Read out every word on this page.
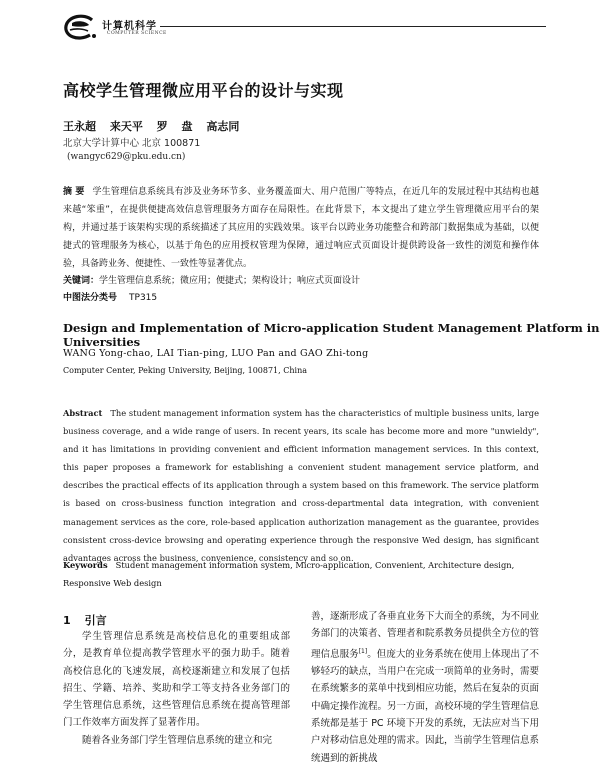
计算机科学
COMPUTER SCIENCE
高校学生管理微应用平台的设计与实现
王永超 来天平 罗 盘 高志同
北京大学计算中心 北京 100871
(wangyc629@pku.edu.cn)
摘 要 学生管理信息系统具有涉及业务环节多、业务覆盖面大、用户范围广等特点，在近几年的发展过程中其结构也越来越“笨重”，在提供便捷高效信息管理服务方面存在局限性。在此背景下，本文提出了建立学生管理微应用平台的架构，并通过基于该架构实现的系统描述了其应用的实践效果。该平台以跨业务功能整合和跨部门数据集成为基础，以便捷式的管理服务为核心，以基于角色的应用授权管理为保障，通过响应式页面设计提供跨设备一致性的浏览和操作体验，具备跨业务、便捷性、一致性等显著优点。
关键词：学生管理信息系统；微应用；便捷式；架构设计；响应式页面设计
中图法分类号 TP315
Design and Implementation of Micro-application Student Management Platform in Universities
WANG Yong-chao, LAI Tian-ping, LUO Pan and GAO Zhi-tong
Computer Center, Peking University, Beijing, 100871, China
Abstract The student management information system has the characteristics of multiple business units, large business coverage, and a wide range of users. In recent years, its scale has become more and more "unwieldy", and it has limitations in providing convenient and efficient information management services. In this context, this paper proposes a framework for establishing a convenient student management service platform, and describes the practical effects of its application through a system based on this framework. The service platform is based on cross-business function integration and cross-departmental data integration, with convenient management services as the core, role-based application authorization management as the guarantee, provides consistent cross-device browsing and operating experience through the responsive Wed design, has significant advantages across the business, convenience, consistency and so on.
Keywords Student management information system, Micro-application, Convenient, Architecture design, Responsive Web design
1 引言
学生管理信息系统是高校信息化的重要组成部分，是教育单位提高教学管理水平的强力助手。随着高校信息化的飞速发展，高校逐渐建立和发展了包括招生、学籍、培养、奖助和学工等支持各业务部门的学生管理信息系统，这些管理信息系统在提高管理部门工作效率方面发挥了显著作用。
随着各业务部门学生管理信息系统的建立和完
善，逐渐形成了各垂直业务下大而全的系统，为不同业务部门的决策者、管理者和院系教务员提供全方位的管理信息服务[1]。但庞大的业务系统在使用上体现出了不够轻巧的缺点，当用户在完成一项简单的业务时，需要在系统繁多的菜单中找到相应功能，然后在复杂的页面中确定操作流程。另一方面，高校环境的学生管理信息系统都是基于 PC 环境下开发的系统，无法应对当下用户对移动信息处理的需求。因此，当前学生管理信息系统遇到的新挑战
